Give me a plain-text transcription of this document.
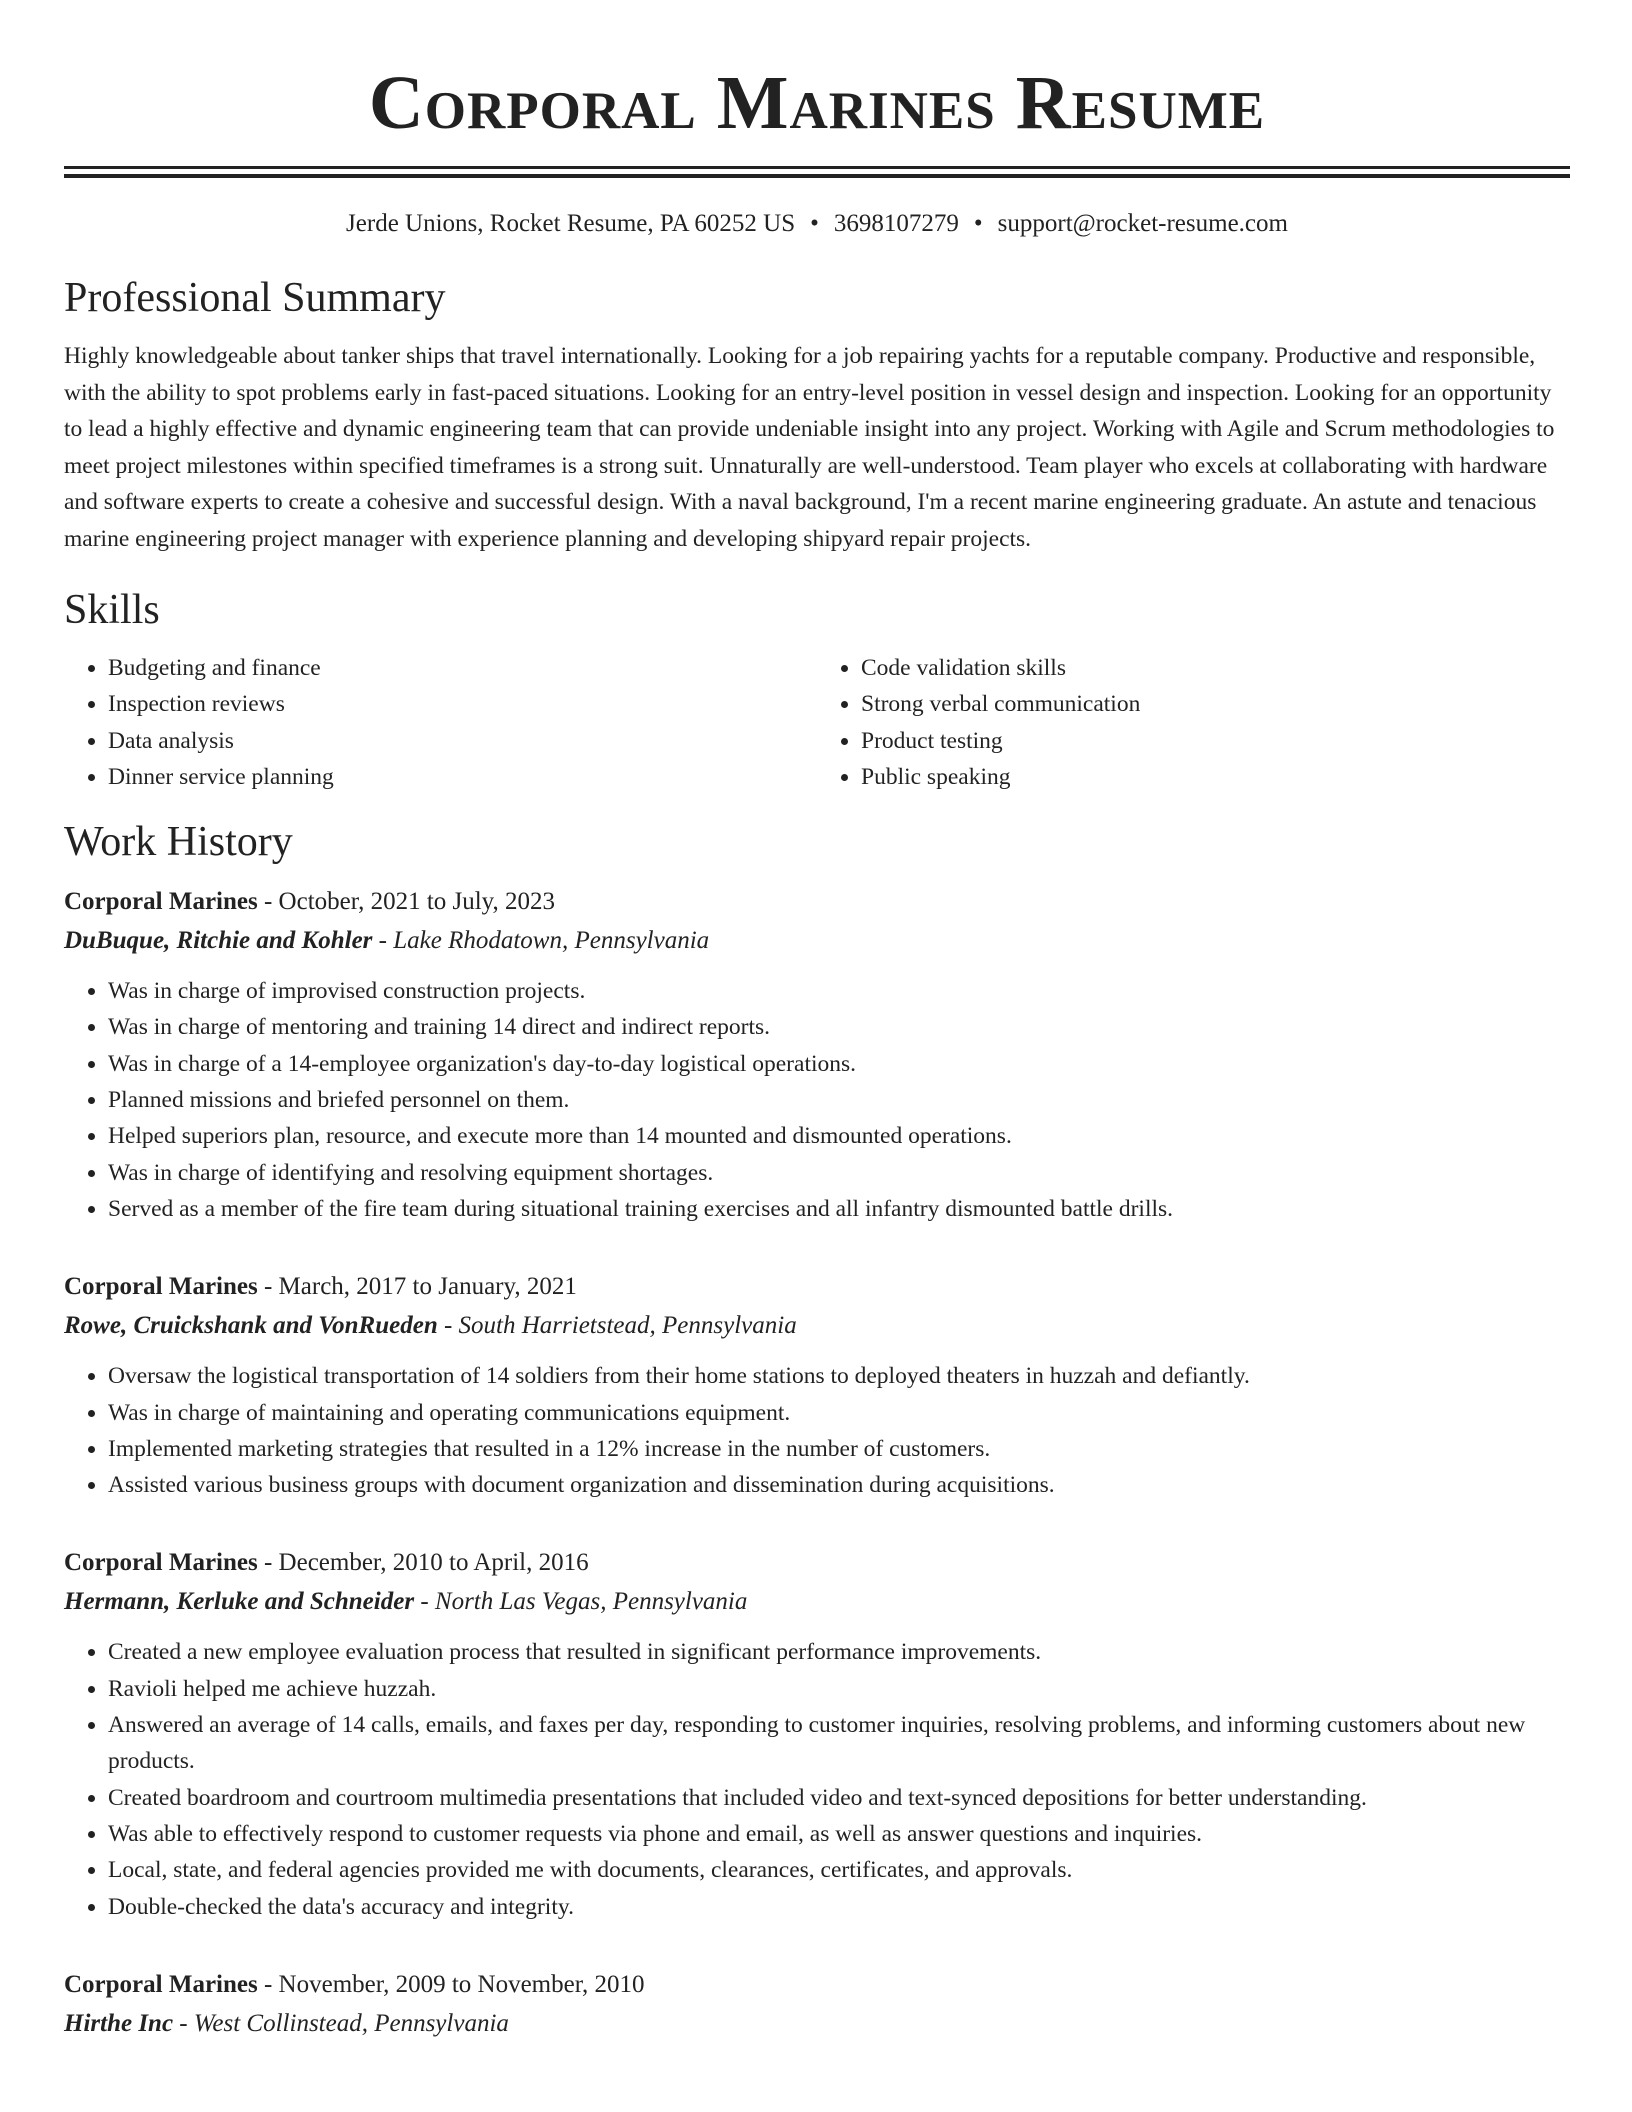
Corporal Marines Resume
Jerde Unions, Rocket Resume, PA 60252 US • 3698107279 • support@rocket-resume.com
Professional Summary

Highly knowledgeable about tanker ships that travel internationally. Looking for a job repairing yachts for a reputable company. Productive and responsible, with the ability to spot problems early in fast-paced situations. Looking for an entry-level position in vessel design and inspection. Looking for an opportunity to lead a highly effective and dynamic engineering team that can provide undeniable insight into any project. Working with Agile and Scrum methodologies to meet project milestones within specified timeframes is a strong suit. Unnaturally are well-understood. Team player who excels at collaborating with hardware and software experts to create a cohesive and successful design. With a naval background, I'm a recent marine engineering graduate. An astute and tenacious marine engineering project manager with experience planning and developing shipyard repair projects.

Skills
• Budgeting and finance
• Inspection reviews
• Data analysis
• Dinner service planning
• Code validation skills
• Strong verbal communication
• Product testing
• Public speaking
Work History
Corporal Marines - October, 2021 to July, 2023
DuBuque, Ritchie and Kohler - Lake Rhodatown, Pennsylvania
• Was in charge of improvised construction projects.
• Was in charge of mentoring and training 14 direct and indirect reports.
• Was in charge of a 14-employee organization's day-to-day logistical operations.
• Planned missions and briefed personnel on them.
• Helped superiors plan, resource, and execute more than 14 mounted and dismounted operations.
• Was in charge of identifying and resolving equipment shortages.
• Served as a member of the fire team during situational training exercises and all infantry dismounted battle drills.
Corporal Marines - March, 2017 to January, 2021
Rowe, Cruickshank and VonRueden - South Harrietstead, Pennsylvania
• Oversaw the logistical transportation of 14 soldiers from their home stations to deployed theaters in huzzah and defiantly.
• Was in charge of maintaining and operating communications equipment.
• Implemented marketing strategies that resulted in a 12% increase in the number of customers.
• Assisted various business groups with document organization and dissemination during acquisitions.
Corporal Marines - December, 2010 to April, 2016
Hermann, Kerluke and Schneider - North Las Vegas, Pennsylvania
• Created a new employee evaluation process that resulted in significant performance improvements.
• Ravioli helped me achieve huzzah.
• Answered an average of 14 calls, emails, and faxes per day, responding to customer inquiries, resolving problems, and informing customers about new products.
• Created boardroom and courtroom multimedia presentations that included video and text-synced depositions for better understanding.
• Was able to effectively respond to customer requests via phone and email, as well as answer questions and inquiries.
• Local, state, and federal agencies provided me with documents, clearances, certificates, and approvals.
• Double-checked the data's accuracy and integrity.
Corporal Marines - November, 2009 to November, 2010
Hirthe Inc - West Collinstead, Pennsylvania
